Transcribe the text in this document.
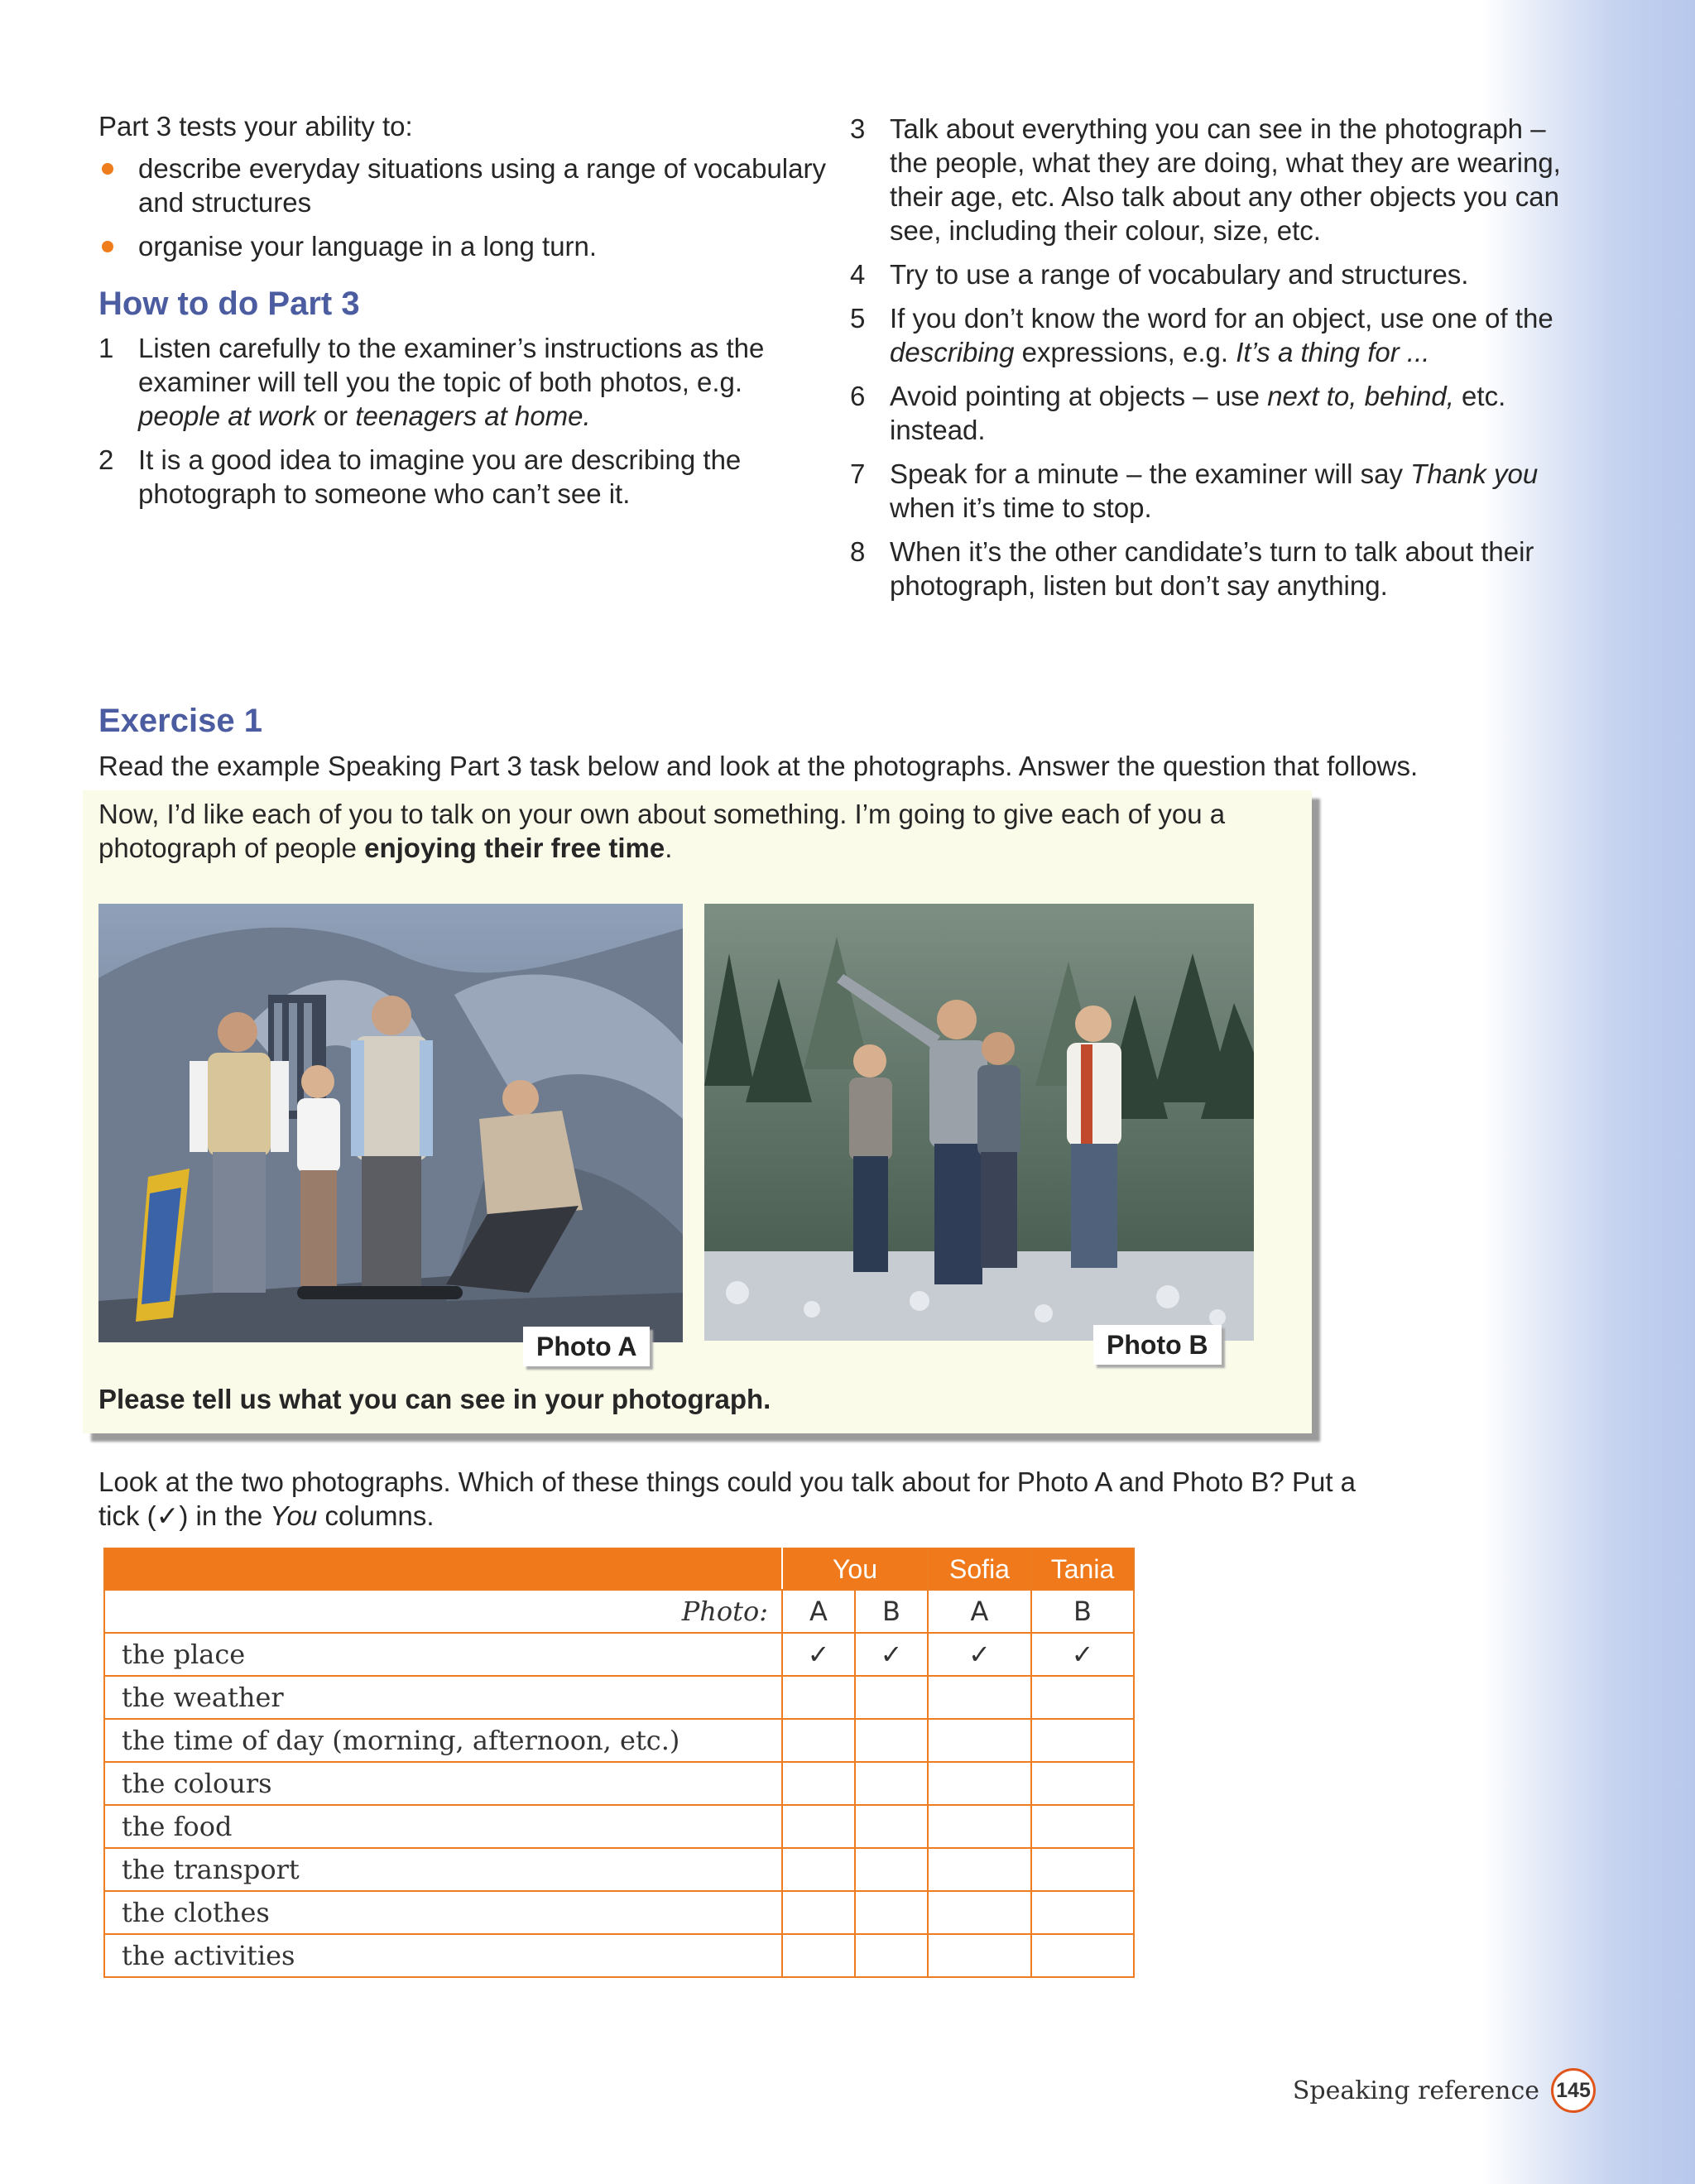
Part 3 tests your ability to:

describe everyday situations using a range of vocabulary and structures
organise your language in a long turn.
How to do Part 3
1 Listen carefully to the examiner’s instructions as the examiner will tell you the topic of both photos, e.g. people at work or teenagers at home.
2 It is a good idea to imagine you are describing the photograph to someone who can’t see it.
3 Talk about everything you can see in the photograph – the people, what they are doing, what they are wearing, their age, etc. Also talk about any other objects you can see, including their colour, size, etc.
4 Try to use a range of vocabulary and structures.
5 If you don’t know the word for an object, use one of the describing expressions, e.g. It’s a thing for ...
6 Avoid pointing at objects – use next to, behind, etc. instead.
7 Speak for a minute – the examiner will say Thank you when it’s time to stop.
8 When it’s the other candidate’s turn to talk about their photograph, listen but don’t say anything.
Exercise 1
Read the example Speaking Part 3 task below and look at the photographs. Answer the question that follows.
Now, I’d like each of you to talk on your own about something. I’m going to give each of you a photograph of people enjoying their free time.
Photo A	Photo B
Please tell us what you can see in your photograph.
Look at the two photographs. Which of these things could you talk about for Photo A and Photo B? Put a tick (✓) in the You columns.
	You		Sofia	Tania
Photo:	A	B	A	B
the place	✓	✓	✓	✓
the weather				
the time of day (morning, afternoon, etc.)				
the colours				
the food				
the transport				
the clothes				
the activities				
Speaking reference 145
